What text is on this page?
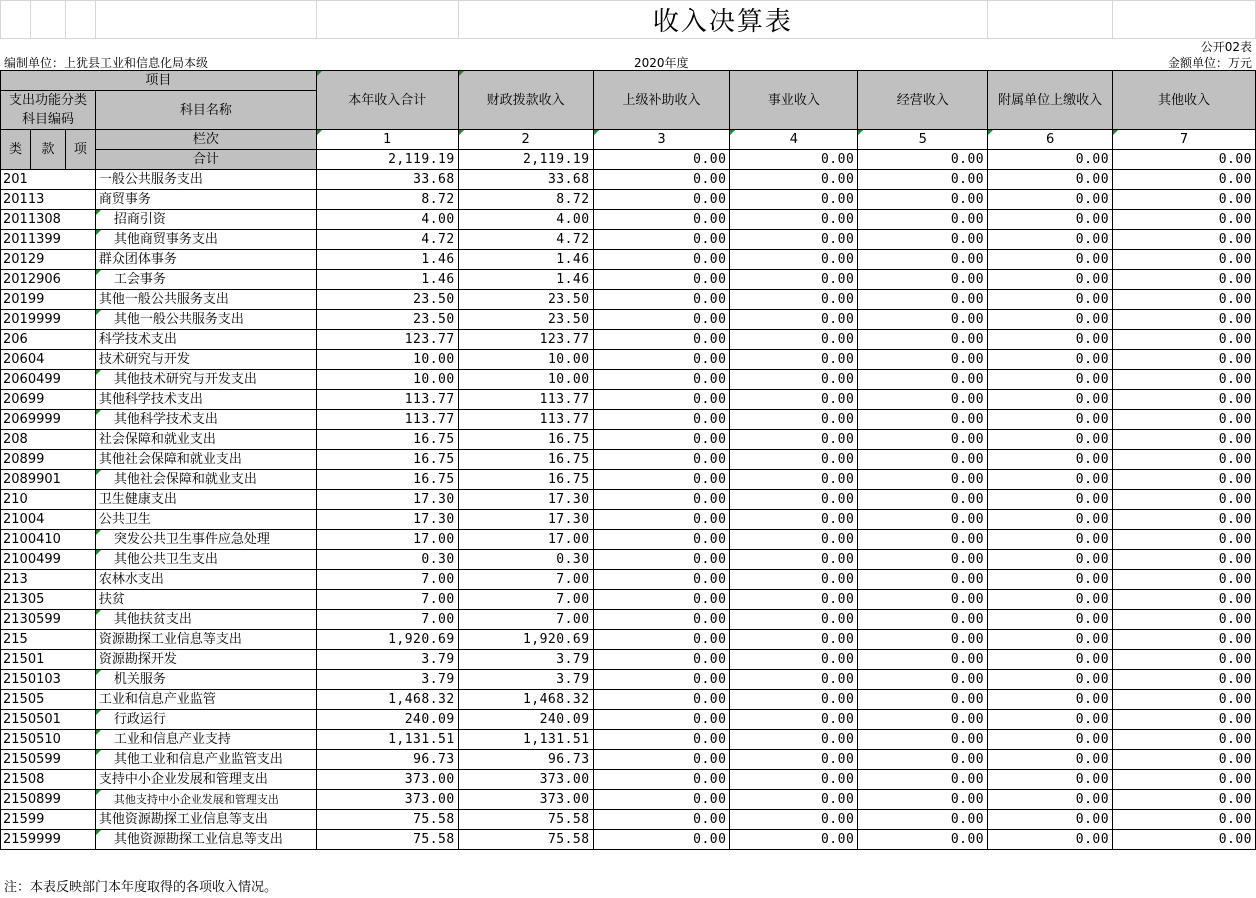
					收入决算表		
公开02表
编制单位：上犹县工业和信息化局本级	2020年度	金额单位：万元
项目				本年收入合计	财政拨款收入	上级补助收入	事业收入	经营收入	附属单位上缴收入	其他收入
支出功能分类科目编码			科目名称							

类	款	项	栏次	1	2	3	4	5	6	7
			合计	2,119.19	2,119.19	0.00	0.00	0.00	0.00	0.00
201			一般公共服务支出	33.68	33.68	0.00	0.00	0.00	0.00	0.00
20113			商贸事务	8.72	8.72	0.00	0.00	0.00	0.00	0.00
2011308			招商引资	4.00	4.00	0.00	0.00	0.00	0.00	0.00
2011399			其他商贸事务支出	4.72	4.72	0.00	0.00	0.00	0.00	0.00
20129			群众团体事务	1.46	1.46	0.00	0.00	0.00	0.00	0.00
2012906			工会事务	1.46	1.46	0.00	0.00	0.00	0.00	0.00
20199			其他一般公共服务支出	23.50	23.50	0.00	0.00	0.00	0.00	0.00
2019999			其他一般公共服务支出	23.50	23.50	0.00	0.00	0.00	0.00	0.00
206			科学技术支出	123.77	123.77	0.00	0.00	0.00	0.00	0.00
20604			技术研究与开发	10.00	10.00	0.00	0.00	0.00	0.00	0.00
2060499			其他技术研究与开发支出	10.00	10.00	0.00	0.00	0.00	0.00	0.00
20699			其他科学技术支出	113.77	113.77	0.00	0.00	0.00	0.00	0.00
2069999			其他科学技术支出	113.77	113.77	0.00	0.00	0.00	0.00	0.00
208			社会保障和就业支出	16.75	16.75	0.00	0.00	0.00	0.00	0.00
20899			其他社会保障和就业支出	16.75	16.75	0.00	0.00	0.00	0.00	0.00
2089901			其他社会保障和就业支出	16.75	16.75	0.00	0.00	0.00	0.00	0.00
210			卫生健康支出	17.30	17.30	0.00	0.00	0.00	0.00	0.00
21004			公共卫生	17.30	17.30	0.00	0.00	0.00	0.00	0.00
2100410			突发公共卫生事件应急处理	17.00	17.00	0.00	0.00	0.00	0.00	0.00
2100499			其他公共卫生支出	0.30	0.30	0.00	0.00	0.00	0.00	0.00
213			农林水支出	7.00	7.00	0.00	0.00	0.00	0.00	0.00
21305			扶贫	7.00	7.00	0.00	0.00	0.00	0.00	0.00
2130599			其他扶贫支出	7.00	7.00	0.00	0.00	0.00	0.00	0.00
215			资源勘探工业信息等支出	1,920.69	1,920.69	0.00	0.00	0.00	0.00	0.00
21501			资源勘探开发	3.79	3.79	0.00	0.00	0.00	0.00	0.00
2150103			机关服务	3.79	3.79	0.00	0.00	0.00	0.00	0.00
21505			工业和信息产业监管	1,468.32	1,468.32	0.00	0.00	0.00	0.00	0.00
2150501			行政运行	240.09	240.09	0.00	0.00	0.00	0.00	0.00
2150510			工业和信息产业支持	1,131.51	1,131.51	0.00	0.00	0.00	0.00	0.00
2150599			其他工业和信息产业监管支出	96.73	96.73	0.00	0.00	0.00	0.00	0.00
21508			支持中小企业发展和管理支出	373.00	373.00	0.00	0.00	0.00	0.00	0.00
2150899			其他支持中小企业发展和管理支出	373.00	373.00	0.00	0.00	0.00	0.00	0.00
21599			其他资源勘探工业信息等支出	75.58	75.58	0.00	0.00	0.00	0.00	0.00
2159999			其他资源勘探工业信息等支出	75.58	75.58	0.00	0.00	0.00	0.00	0.00
注：本表反映部门本年度取得的各项收入情况。
